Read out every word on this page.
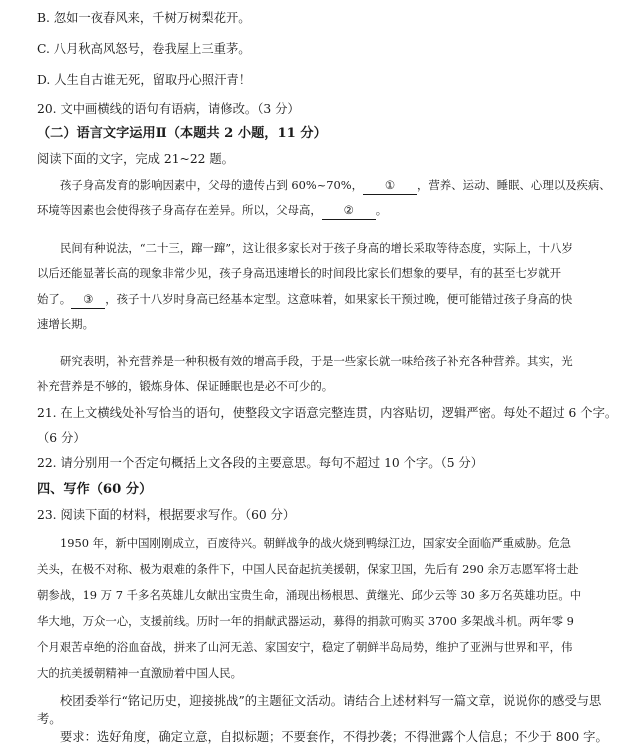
B. 忽如一夜春风来，千树万树梨花开。
C. 八月秋高风怒号，卷我屋上三重茅。
D. 人生自古谁无死，留取丹心照汗青！
20. 文中画横线的语句有语病，请修改。（3 分）
（二）语言文字运用Ⅱ（本题共 2 小题，11 分）
阅读下面的文字，完成 21~22 题。
孩子身高发育的影响因素中，父母的遗传占到 60%~70%， ① ，营养、运动、睡眠、心理以及疾病、
环境等因素也会使得孩子身高存在差异。所以，父母高， ② 。
民间有种说法，“二十三，蹿一蹿”，这让很多家长对于孩子身高的增长采取等待态度，实际上，十八岁
以后还能显著长高的现象非常少见，孩子身高迅速增长的时间段比家长们想象的要早，有的甚至七岁就开
始了。 ③ ，孩子十八岁时身高已经基本定型。这意味着，如果家长干预过晚，便可能错过孩子身高的快
速增长期。
研究表明，补充营养是一种积极有效的增高手段，于是一些家长就一味给孩子补充各种营养。其实，光
补充营养是不够的，锻炼身体、保证睡眠也是必不可少的。
21. 在上文横线处补写恰当的语句，使整段文字语意完整连贯，内容贴切，逻辑严密。每处不超过 6 个字。
（6 分）
22. 请分别用一个否定句概括上文各段的主要意思。每句不超过 10 个字。（5 分）
四、写作（60 分）
23. 阅读下面的材料，根据要求写作。（60 分）
1950 年，新中国刚刚成立，百废待兴。朝鲜战争的战火烧到鸭绿江边，国家安全面临严重威胁。危急
关头，在极不对称、极为艰难的条件下，中国人民奋起抗美援朝，保家卫国，先后有 290 余万志愿军将士赴
朝参战，19 万 7 千多名英雄儿女献出宝贵生命，涌现出杨根思、黄继光、邱少云等 30 多万名英雄功臣。中
华大地，万众一心，支援前线。历时一年的捐献武器运动，募得的捐款可购买 3700 多架战斗机。两年零 9
个月艰苦卓绝的浴血奋战，拼来了山河无恙、家国安宁，稳定了朝鲜半岛局势，维护了亚洲与世界和平，伟
大的抗美援朝精神一直激励着中国人民。
校团委举行“铭记历史，迎接挑战”的主题征文活动。请结合上述材料写一篇文章，说说你的感受与思
考。
要求：选好角度，确定立意，自拟标题；不要套作，不得抄袭；不得泄露个人信息；不少于 800 字。
